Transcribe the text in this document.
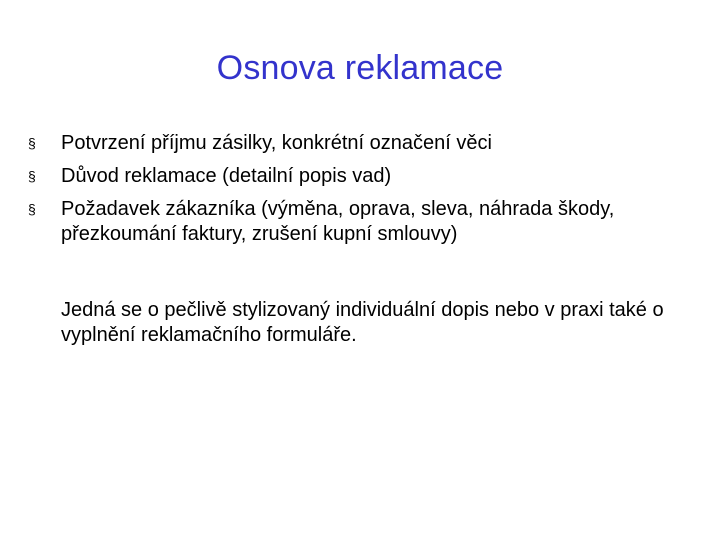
Osnova reklamace
§	Potvrzení příjmu zásilky, konkrétní označení věci
§	Důvod reklamace (detailní popis vad)
§	Požadavek zákazníka (výměna, oprava, sleva, náhrada škody, přezkoumání faktury, zrušení kupní smlouvy)

Jedná se o pečlivě stylizovaný individuální dopis nebo v praxi také o vyplnění reklamačního formuláře.
